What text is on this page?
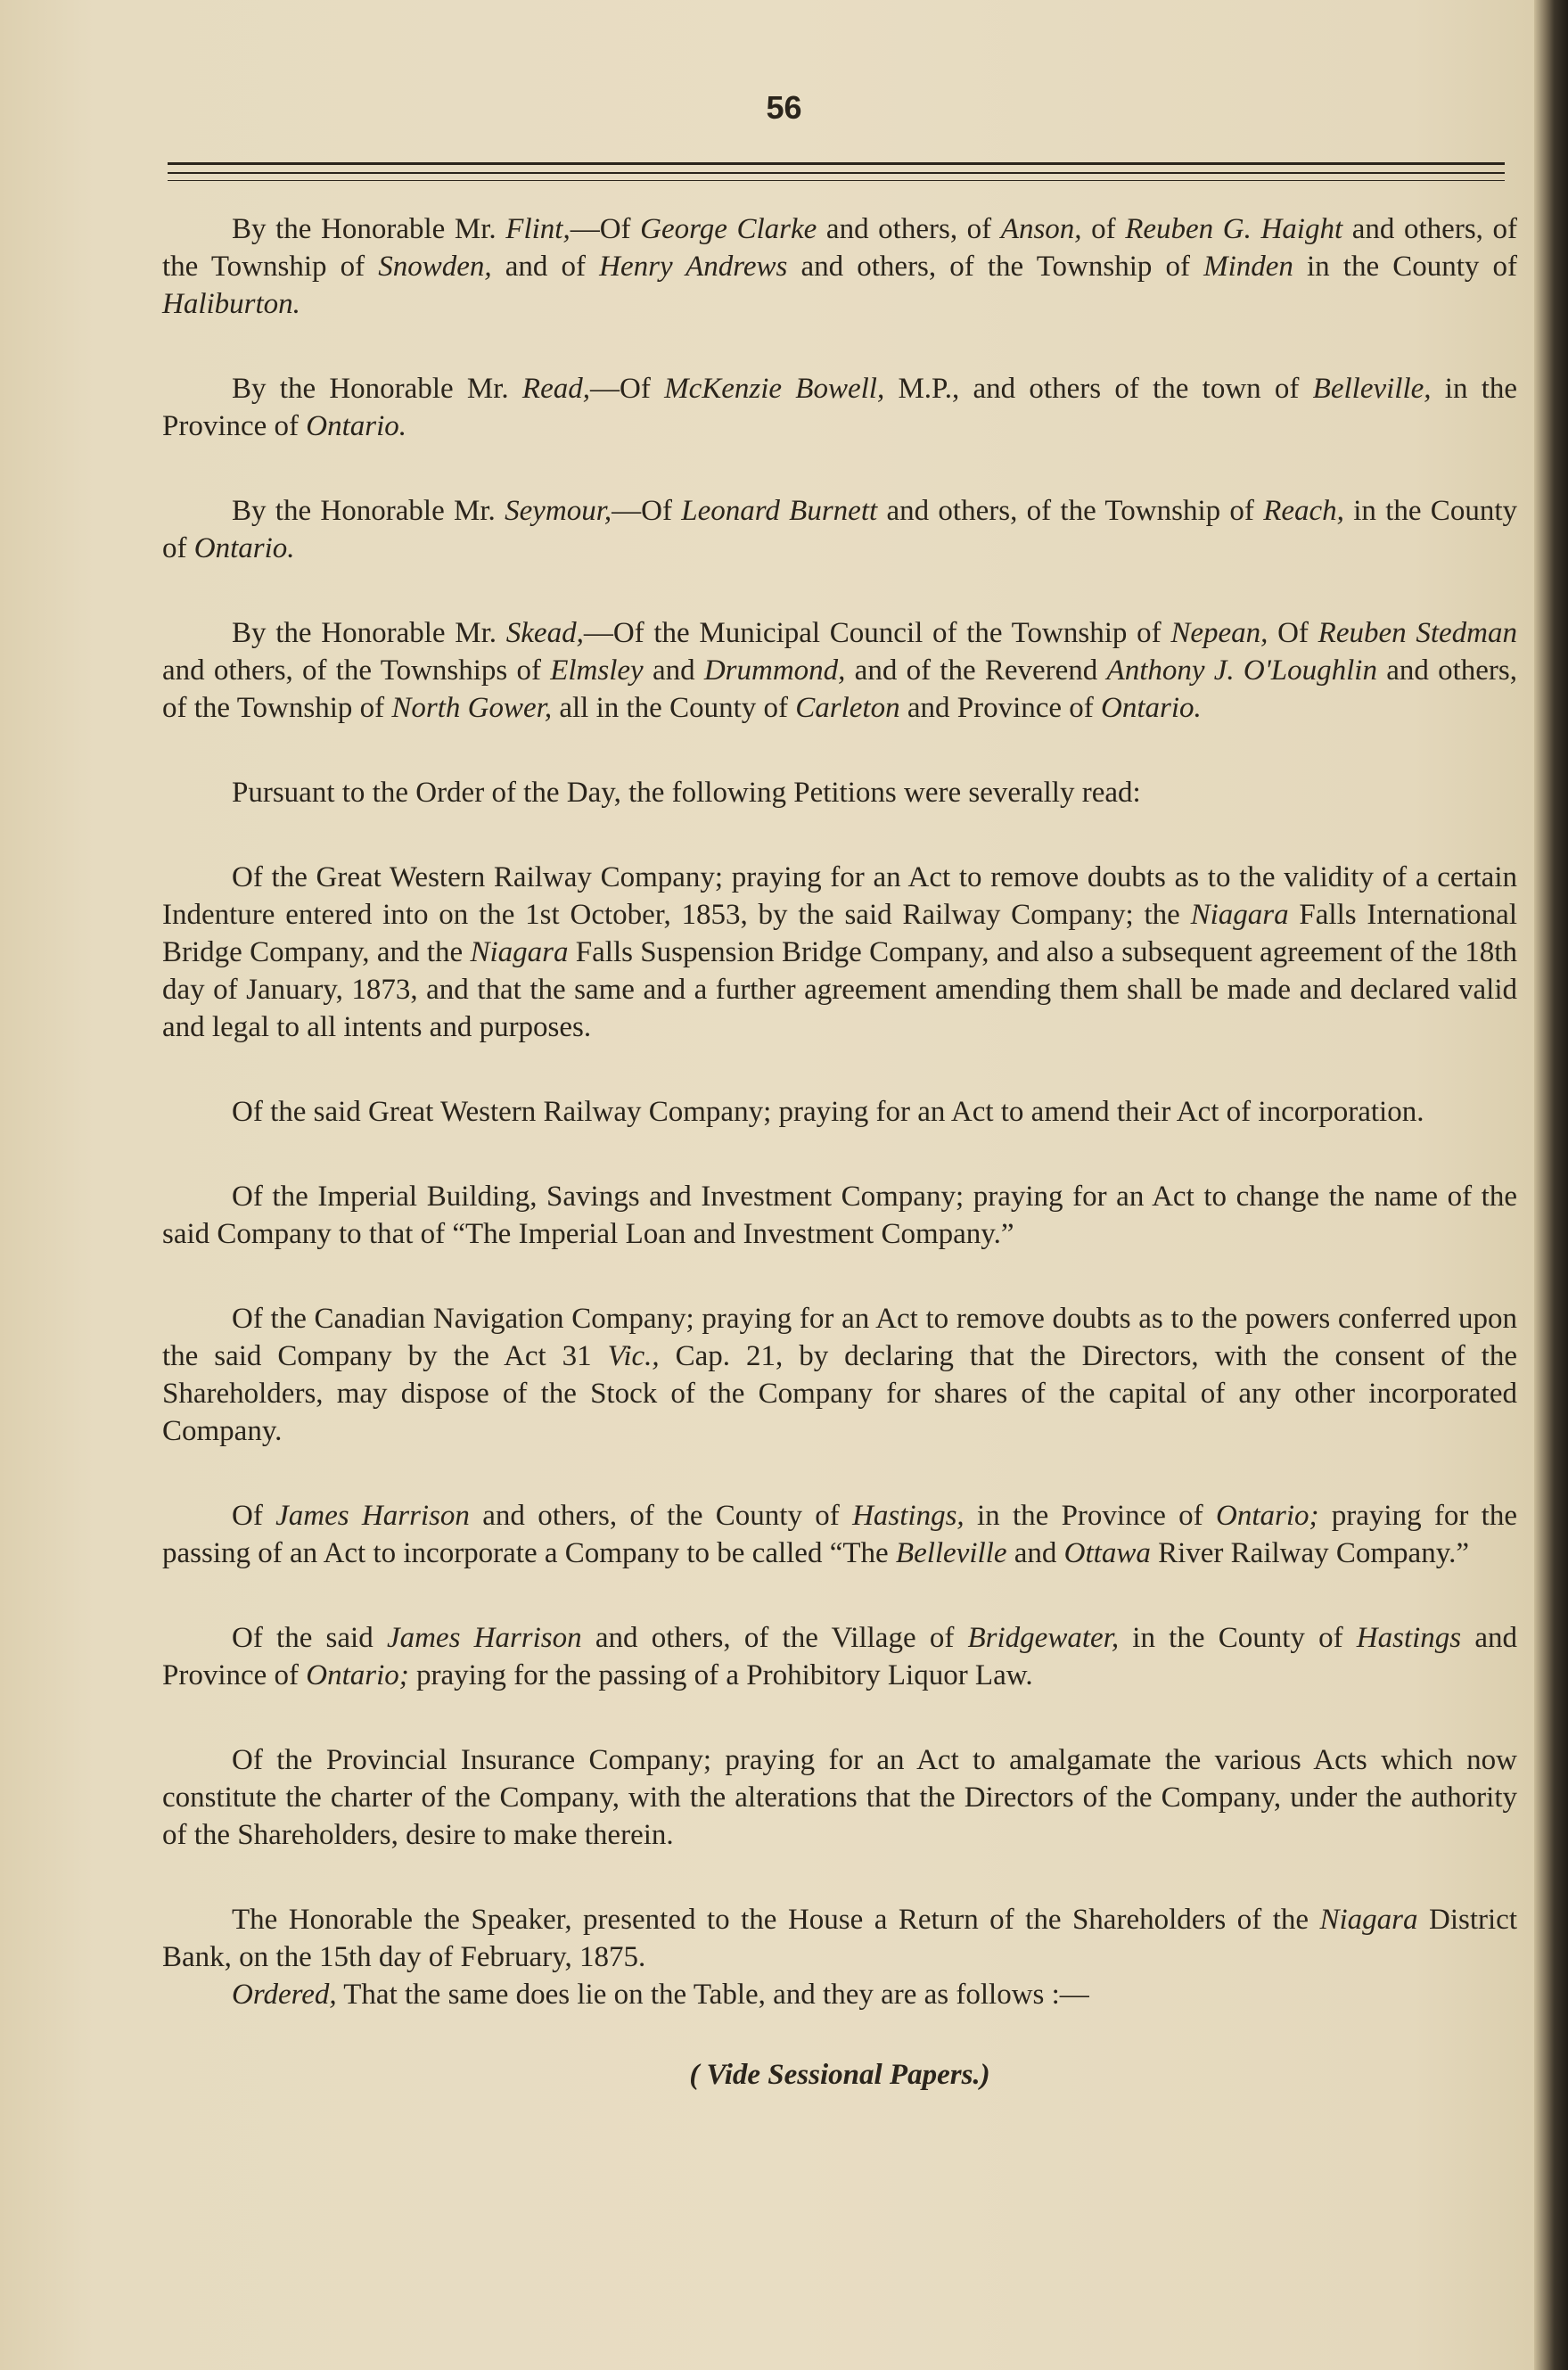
56

By the Honorable Mr. Flint,—Of George Clarke and others, of Anson, of Reuben G. Haight and others, of the Township of Snowden, and of Henry Andrews and others, of the Township of Minden in the County of Haliburton.

By the Honorable Mr. Read,—Of McKenzie Bowell, M.P., and others of the town of Belleville, in the Province of Ontario.

By the Honorable Mr. Seymour,—Of Leonard Burnett and others, of the Township of Reach, in the County of Ontario.

By the Honorable Mr. Skead,—Of the Municipal Council of the Township of Nepean, Of Reuben Stedman and others, of the Townships of Elmsley and Drummond, and of the Reverend Anthony J. O'Loughlin and others, of the Township of North Gower, all in the County of Carleton and Province of Ontario.

Pursuant to the Order of the Day, the following Petitions were severally read:

Of the Great Western Railway Company; praying for an Act to remove doubts as to the validity of a certain Indenture entered into on the 1st October, 1853, by the said Railway Company; the Niagara Falls International Bridge Company, and the Niagara Falls Suspension Bridge Company, and also a subsequent agreement of the 18th day of January, 1873, and that the same and a further agreement amending them shall be made and declared valid and legal to all intents and purposes.

Of the said Great Western Railway Company; praying for an Act to amend their Act of incorporation.

Of the Imperial Building, Savings and Investment Company; praying for an Act to change the name of the said Company to that of “The Imperial Loan and Investment Company.”

Of the Canadian Navigation Company; praying for an Act to remove doubts as to the powers conferred upon the said Company by the Act 31 Vic., Cap. 21, by declaring that the Directors, with the consent of the Shareholders, may dispose of the Stock of the Company for shares of the capital of any other incorporated Company.

Of James Harrison and others, of the County of Hastings, in the Province of Ontario; praying for the passing of an Act to incorporate a Company to be called “The Belleville and Ottawa River Railway Company.”

Of the said James Harrison and others, of the Village of Bridgewater, in the County of Hastings and Province of Ontario; praying for the passing of a Prohibitory Liquor Law.

Of the Provincial Insurance Company; praying for an Act to amalgamate the various Acts which now constitute the charter of the Company, with the alterations that the Directors of the Company, under the authority of the Shareholders, desire to make therein.

The Honorable the Speaker, presented to the House a Return of the Shareholders of the Niagara District Bank, on the 15th day of February, 1875.

Ordered, That the same does lie on the Table, and they are as follows :—

( Vide Sessional Papers.)
